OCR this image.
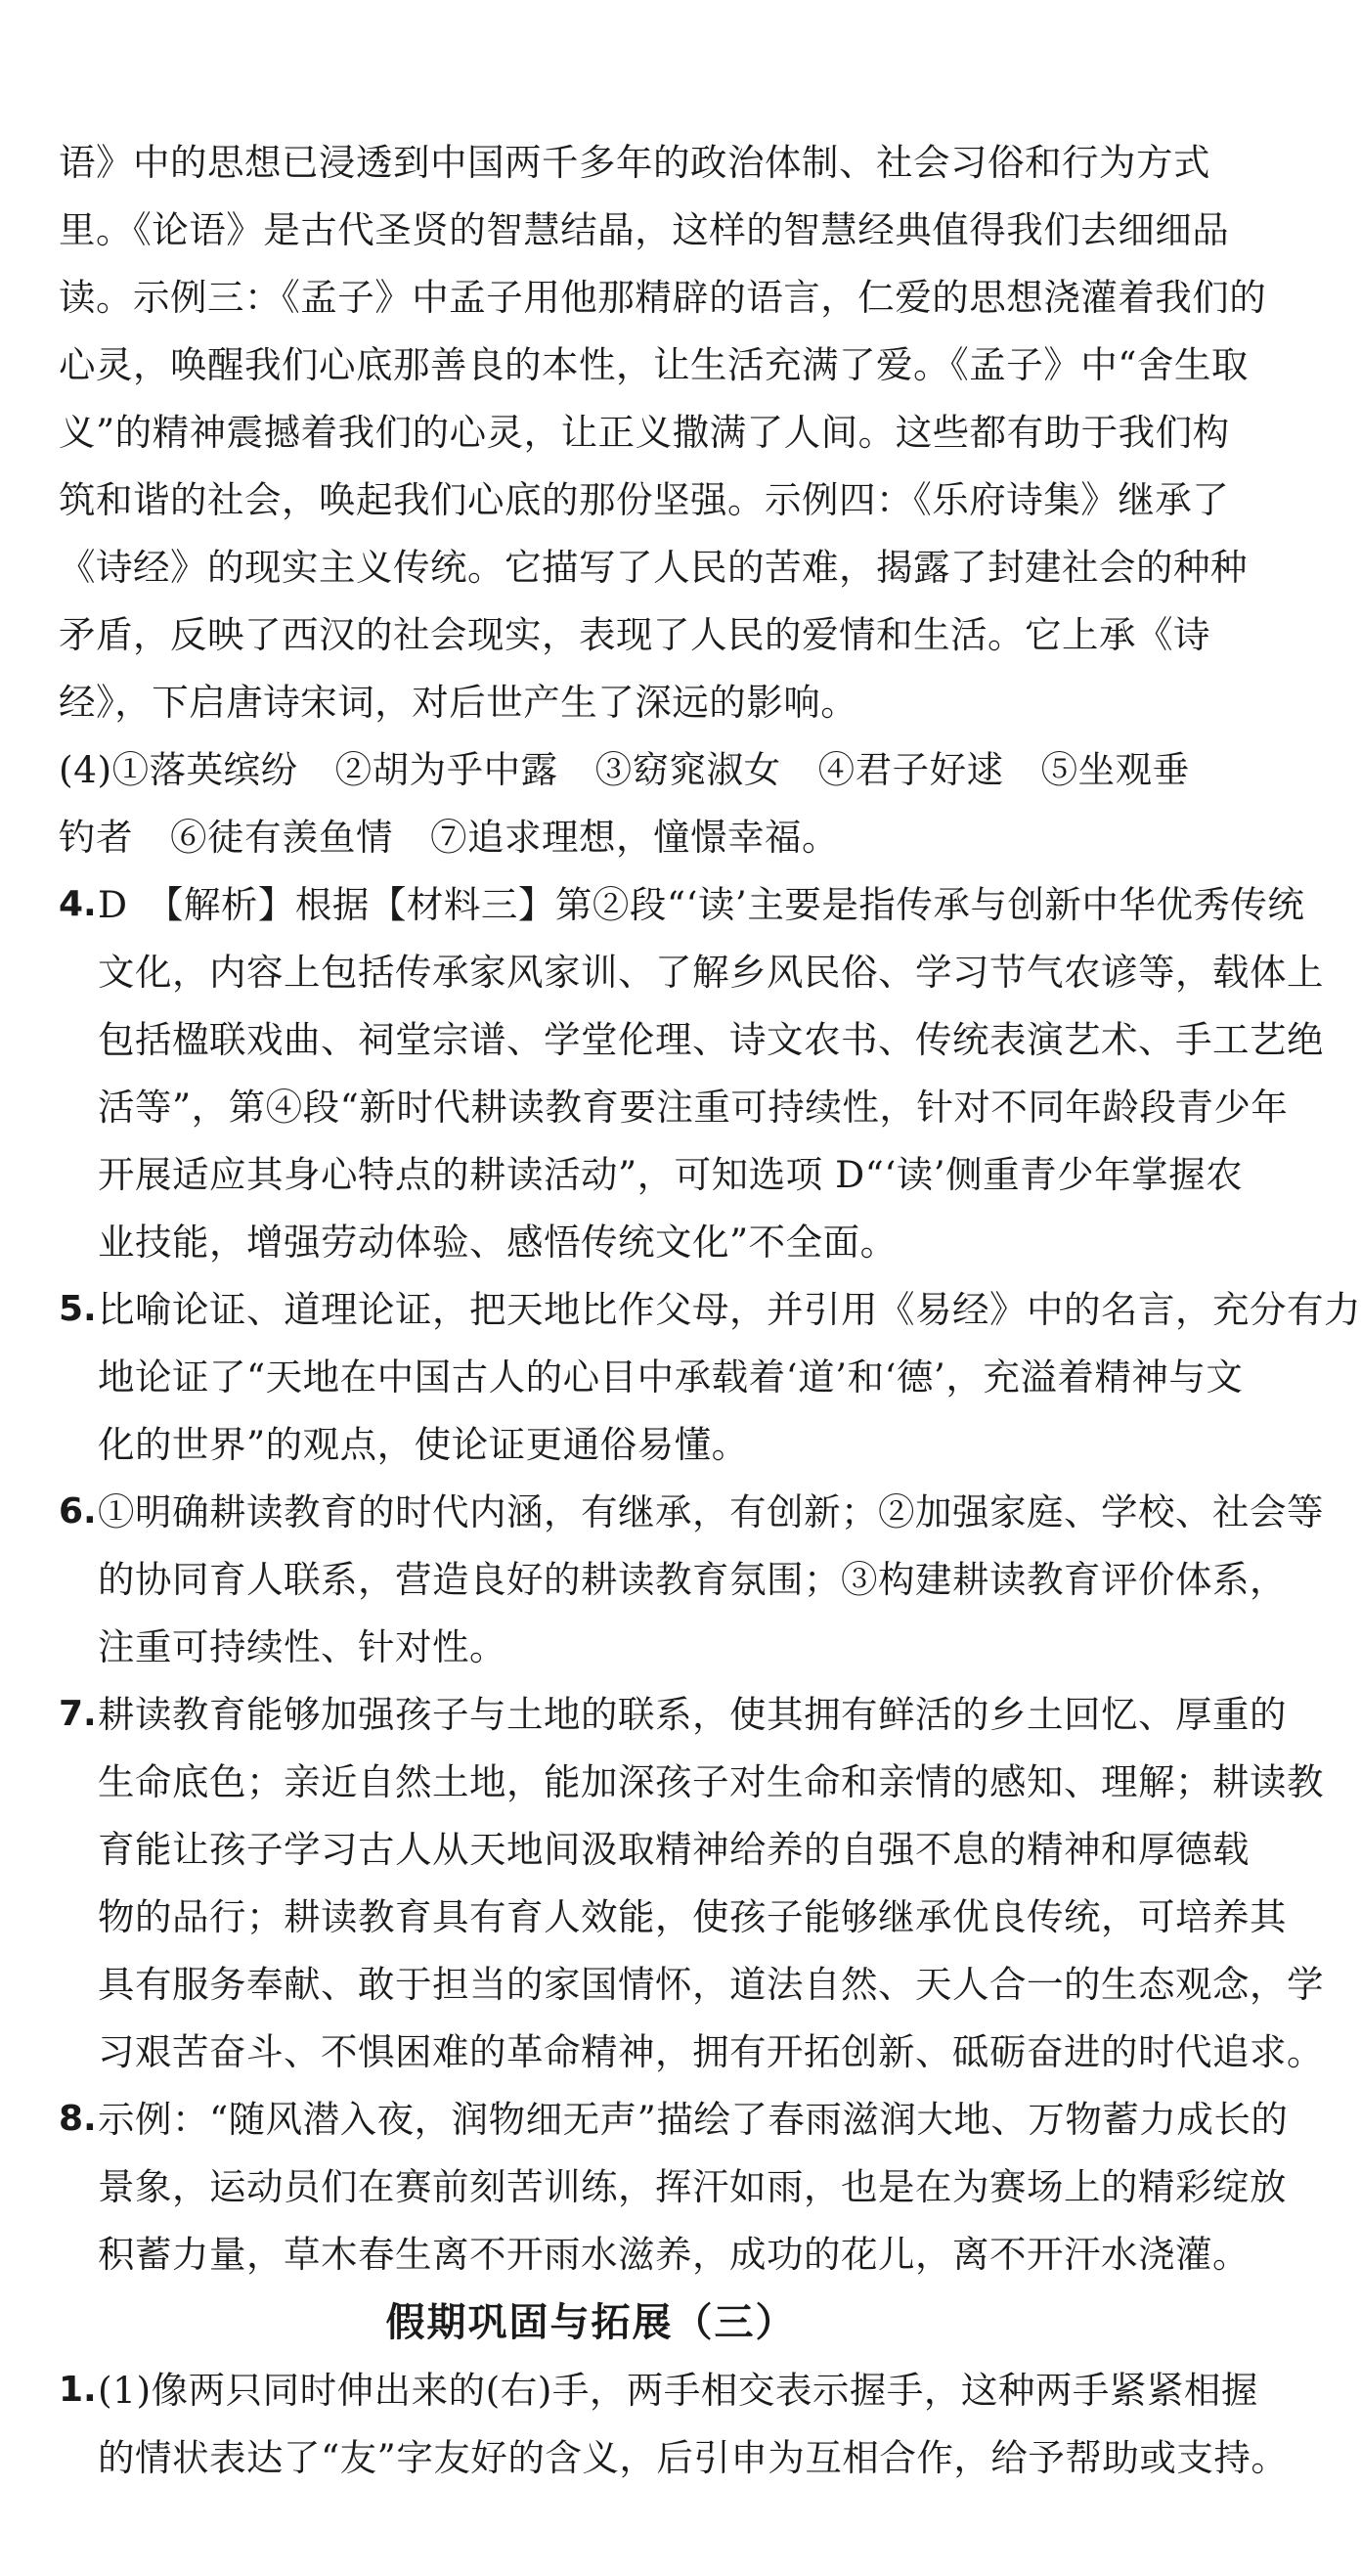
语》中的思想已浸透到中国两千多年的政治体制、社会习俗和行为方式
里。《论语》是古代圣贤的智慧结晶，这样的智慧经典值得我们去细细品
读。示例三：《孟子》中孟子用他那精辟的语言，仁爱的思想浇灌着我们的
心灵，唤醒我们心底那善良的本性，让生活充满了爱。《孟子》中“舍生取
义”的精神震撼着我们的心灵，让正义撒满了人间。这些都有助于我们构
筑和谐的社会，唤起我们心底的那份坚强。示例四：《乐府诗集》继承了
《诗经》的现实主义传统。它描写了人民的苦难，揭露了封建社会的种种
矛盾，反映了西汉的社会现实，表现了人民的爱情和生活。它上承《诗
经》，下启唐诗宋词，对后世产生了深远的影响。
(4)①落英缤纷　②胡为乎中露　③窈窕淑女　④君子好逑　⑤坐观垂
钓者　⑥徒有羡鱼情　⑦追求理想，憧憬幸福。
4. D　【解析】根据【材料三】第②段“‘读’主要是指传承与创新中华优秀传统
文化，内容上包括传承家风家训、了解乡风民俗、学习节气农谚等，载体上
包括楹联戏曲、祠堂宗谱、学堂伦理、诗文农书、传统表演艺术、手工艺绝
活等”，第④段“新时代耕读教育要注重可持续性，针对不同年龄段青少年
开展适应其身心特点的耕读活动”，可知选项 D“‘读’侧重青少年掌握农
业技能，增强劳动体验、感悟传统文化”不全面。
5. 比喻论证、道理论证，把天地比作父母，并引用《易经》中的名言，充分有力
地论证了“天地在中国古人的心目中承载着‘道’和‘德’，充溢着精神与文
化的世界”的观点，使论证更通俗易懂。
6. ①明确耕读教育的时代内涵，有继承，有创新；②加强家庭、学校、社会等
的协同育人联系，营造良好的耕读教育氛围；③构建耕读教育评价体系，
注重可持续性、针对性。
7. 耕读教育能够加强孩子与土地的联系，使其拥有鲜活的乡土回忆、厚重的
生命底色；亲近自然土地，能加深孩子对生命和亲情的感知、理解；耕读教
育能让孩子学习古人从天地间汲取精神给养的自强不息的精神和厚德载
物的品行；耕读教育具有育人效能，使孩子能够继承优良传统，可培养其
具有服务奉献、敢于担当的家国情怀，道法自然、天人合一的生态观念，学
习艰苦奋斗、不惧困难的革命精神，拥有开拓创新、砥砺奋进的时代追求。
8. 示例：“随风潜入夜，润物细无声”描绘了春雨滋润大地、万物蓄力成长的
景象，运动员们在赛前刻苦训练，挥汗如雨，也是在为赛场上的精彩绽放
积蓄力量，草木春生离不开雨水滋养，成功的花儿，离不开汗水浇灌。
假期巩固与拓展（三）
1. (1)像两只同时伸出来的(右)手，两手相交表示握手，这种两手紧紧相握
的情状表达了“友”字友好的含义，后引申为互相合作，给予帮助或支持。
